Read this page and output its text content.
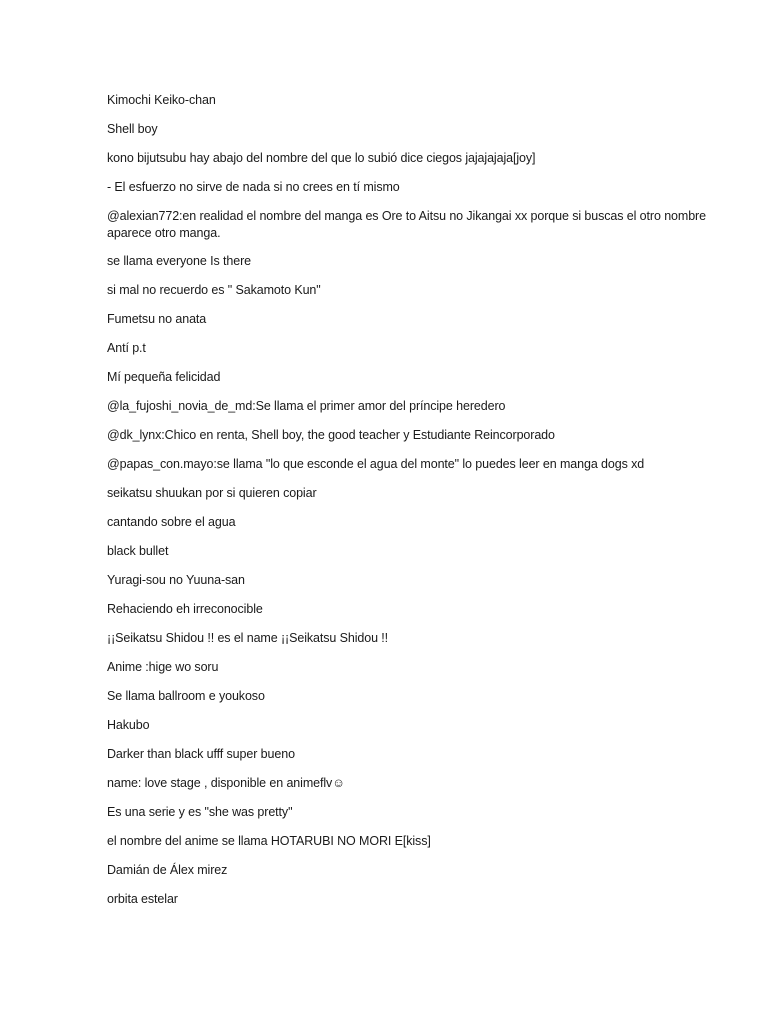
Kimochi Keiko-chan

Shell boy

kono bijutsubu hay abajo del nombre del que lo subió dice ciegos jajajajaja[joy]

- El esfuerzo no sirve de nada si no crees en tí mismo

@alexian772:en realidad el nombre del manga es Ore to Aitsu no Jikangai xx porque si buscas el otro nombre aparece otro manga.

se llama everyone Is there

si mal no recuerdo es " Sakamoto Kun"

Fumetsu no anata

Antí p.t

Mí pequeña felicidad

@la_fujoshi_novia_de_md:Se llama el primer amor del príncipe heredero

@dk_lynx:Chico en renta, Shell boy, the good teacher y Estudiante Reincorporado

@papas_con.mayo:se llama "lo que esconde el agua del monte" lo puedes leer en manga dogs xd

seikatsu shuukan por si quieren copiar

cantando sobre el agua

black bullet

Yuragi-sou no Yuuna-san

Rehaciendo eh irreconocible

¡¡Seikatsu Shidou !! es el name ¡¡Seikatsu Shidou !!

Anime :hige wo soru

Se llama ballroom e youkoso

Hakubo

Darker than black ufff super bueno

name: love stage , disponible en animeflv☺

Es una serie y es "she was pretty"

el nombre del anime se llama HOTARUBI NO MORI E[kiss]

Damián de Álex mirez

orbita estelar
